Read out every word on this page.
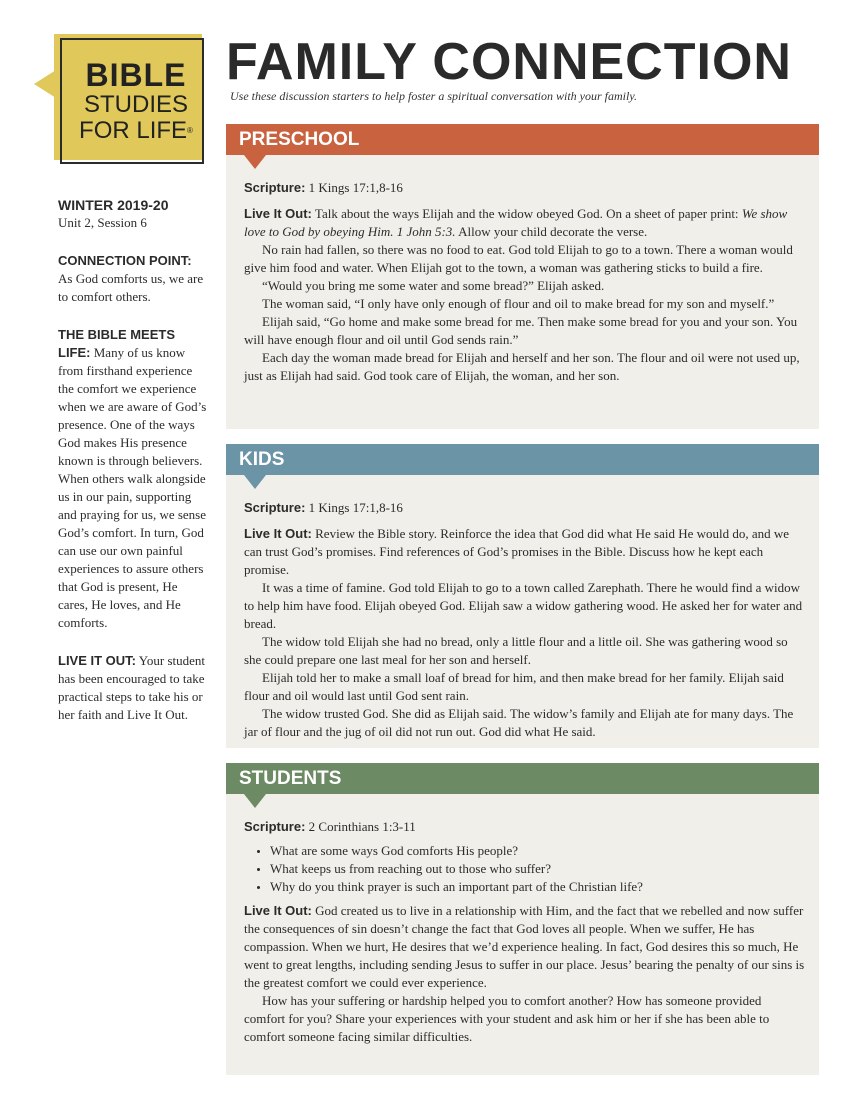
BIBLE
STUDIES
FOR LIFE®
FAMILY CONNECTION
Use these discussion starters to help foster a spiritual conversation with your family.
WINTER 2019-20
Unit 2, Session 6
CONNECTION POINT:
As God comforts us, we are to comfort others.
THE BIBLE MEETS LIFE: Many of us know from firsthand experience the comfort we experience when we are aware of God’s presence. One of the ways God makes His presence known is through believers. When others walk alongside us in our pain, supporting and praying for us, we sense God’s comfort. In turn, God can use our own painful experiences to assure others that God is present, He cares, He loves, and He comforts.
LIVE IT OUT: Your student has been encouraged to take practical steps to take his or her faith and Live It Out.
PRESCHOOL

Scripture: 1 Kings 17:1,8-16

Live It Out: Talk about the ways Elijah and the widow obeyed God. On a sheet of paper print: We show love to God by obeying Him. 1 John 5:3. Allow your child decorate the verse.

No rain had fallen, so there was no food to eat. God told Elijah to go to a town. There a woman would give him food and water. When Elijah got to the town, a woman was gathering sticks to build a fire.

“Would you bring me some water and some bread?” Elijah asked.

The woman said, “I only have only enough of flour and oil to make bread for my son and myself.”

Elijah said, “Go home and make some bread for me. Then make some bread for you and your son. You will have enough flour and oil until God sends rain.”

Each day the woman made bread for Elijah and herself and her son. The flour and oil were not used up, just as Elijah had said. God took care of Elijah, the woman, and her son.

KIDS

Scripture: 1 Kings 17:1,8-16

Live It Out: Review the Bible story. Reinforce the idea that God did what He said He would do, and we can trust God’s promises. Find references of God’s promises in the Bible. Discuss how he kept each promise.

It was a time of famine. God told Elijah to go to a town called Zarephath. There he would find a widow to help him have food. Elijah obeyed God. Elijah saw a widow gathering wood. He asked her for water and bread.

The widow told Elijah she had no bread, only a little flour and a little oil. She was gathering wood so she could prepare one last meal for her son and herself.

Elijah told her to make a small loaf of bread for him, and then make bread for her family. Elijah said flour and oil would last until God sent rain.

The widow trusted God. She did as Elijah said. The widow’s family and Elijah ate for many days. The jar of flour and the jug of oil did not run out. God did what He said.

STUDENTS

Scripture: 2 Corinthians 1:3-11

• What are some ways God comforts His people?
• What keeps us from reaching out to those who suffer?
• Why do you think prayer is such an important part of the Christian life?

Live It Out: God created us to live in a relationship with Him, and the fact that we rebelled and now suffer the consequences of sin doesn’t change the fact that God loves all people. When we suffer, He has compassion. When we hurt, He desires that we’d experience healing. In fact, God desires this so much, He went to great lengths, including sending Jesus to suffer in our place. Jesus’ bearing the penalty of our sins is the greatest comfort we could ever experience.

How has your suffering or hardship helped you to comfort another? How has someone provided comfort for you? Share your experiences with your student and ask him or her if she has been able to comfort someone facing similar difficulties.
